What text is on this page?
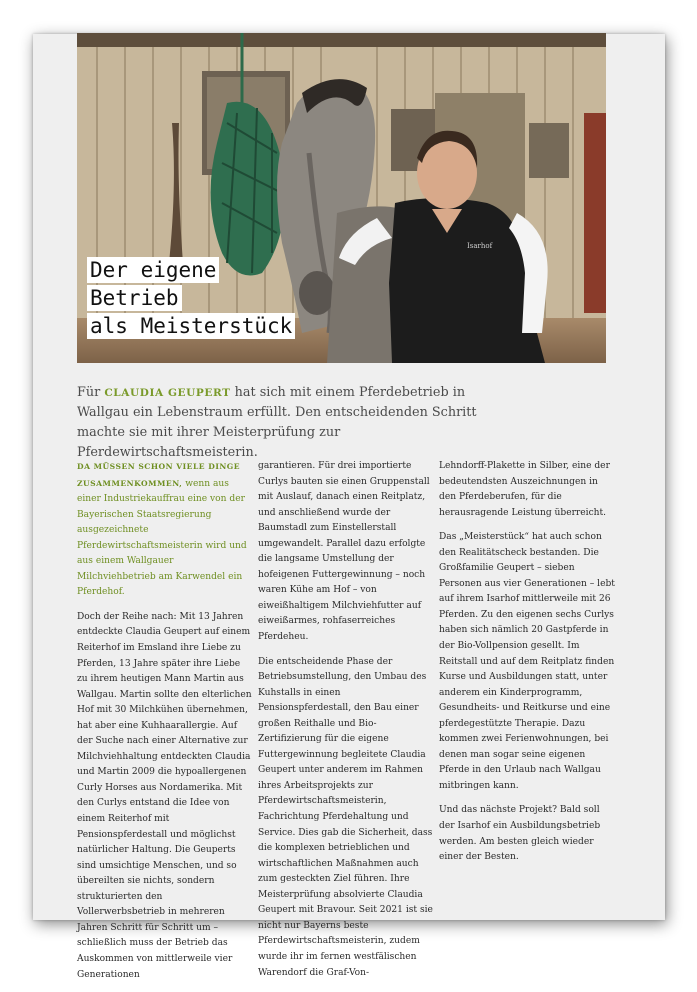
Isarhof
Der eigene
Betrieb
als Meisterstück
Für CLAUDIA GEUPERT hat sich mit einem Pferdebetrieb in Wallgau ein Lebenstraum erfüllt. Den entscheidenden Schritt machte sie mit ihrer Meisterprüfung zur Pferdewirtschaftsmeisterin.

DA MÜSSEN SCHON VIELE DINGE ZUSAMMENKOMMEN, wenn aus einer Industriekauffrau eine von der Bayerischen Staatsregierung ausgezeichnete Pferdewirtschaftsmeisterin wird und aus einem Wallgauer Milchviehbetrieb am Karwendel ein Pferdehof.

Doch der Reihe nach: Mit 13 Jahren entdeckte Claudia Geupert auf einem Reiterhof im Emsland ihre Liebe zu Pferden, 13 Jahre später ihre Liebe zu ihrem heutigen Mann Martin aus Wallgau. Martin sollte den elterlichen Hof mit 30 Milchkühen übernehmen, hat aber eine Kuhhaarallergie. Auf der Suche nach einer Alternative zur Milchviehhaltung entdeckten Claudia und Martin 2009 die hypoallergenen Curly Horses aus Nordamerika. Mit den Curlys entstand die Idee von einem Reiterhof mit Pensionspferdestall und möglichst natürlicher Haltung. Die Geuperts sind umsichtige Menschen, und so übereilten sie nichts, sondern strukturierten den Vollerwerbsbetrieb in mehreren Jahren Schritt für Schritt um – schließlich muss der Betrieb das Auskommen von mittlerweile vier Generationen

garantieren. Für drei importierte Curlys bauten sie einen Gruppenstall mit Auslauf, danach einen Reitplatz, und anschließend wurde der Baumstadl zum Einstellerstall umgewandelt. Parallel dazu erfolgte die langsame Umstellung der hofeigenen Futtergewinnung – noch waren Kühe am Hof – von eiweißhaltigem Milchviehfutter auf eiweißarmes, rohfaserreiches Pferdeheu.

Die entscheidende Phase der Betriebsumstellung, den Umbau des Kuhstalls in einen Pensionspferdestall, den Bau einer großen Reithalle und Bio-Zertifizierung für die eigene Futtergewinnung begleitete Claudia Geupert unter anderem im Rahmen ihres Arbeitsprojekts zur Pferdewirtschaftsmeisterin, Fachrichtung Pferdehaltung und Service. Dies gab die Sicherheit, dass die komplexen betrieblichen und wirtschaftlichen Maßnahmen auch zum gesteckten Ziel führen. Ihre Meisterprüfung absolvierte Claudia Geupert mit Bravour. Seit 2021 ist sie nicht nur Bayerns beste Pferdewirtschaftsmeisterin, zudem wurde ihr im fernen westfälischen Warendorf die Graf-Von-

Lehndorff-Plakette in Silber, eine der bedeutendsten Auszeichnungen in den Pferdeberufen, für die herausragende Leistung überreicht.

Das „Meisterstück“ hat auch schon den Realitätscheck bestanden. Die Großfamilie Geupert – sieben Personen aus vier Generationen – lebt auf ihrem Isarhof mittlerweile mit 26 Pferden. Zu den eigenen sechs Curlys haben sich nämlich 20 Gastpferde in der Bio-Vollpension gesellt. Im Reitstall und auf dem Reitplatz finden Kurse und Ausbildungen statt, unter anderem ein Kinderprogramm, Gesundheits- und Reitkurse und eine pferdegestützte Therapie. Dazu kommen zwei Ferienwohnungen, bei denen man sogar seine eigenen Pferde in den Urlaub nach Wallgau mitbringen kann.

Und das nächste Projekt? Bald soll der Isarhof ein Ausbildungsbetrieb werden. Am besten gleich wieder einer der Besten.
